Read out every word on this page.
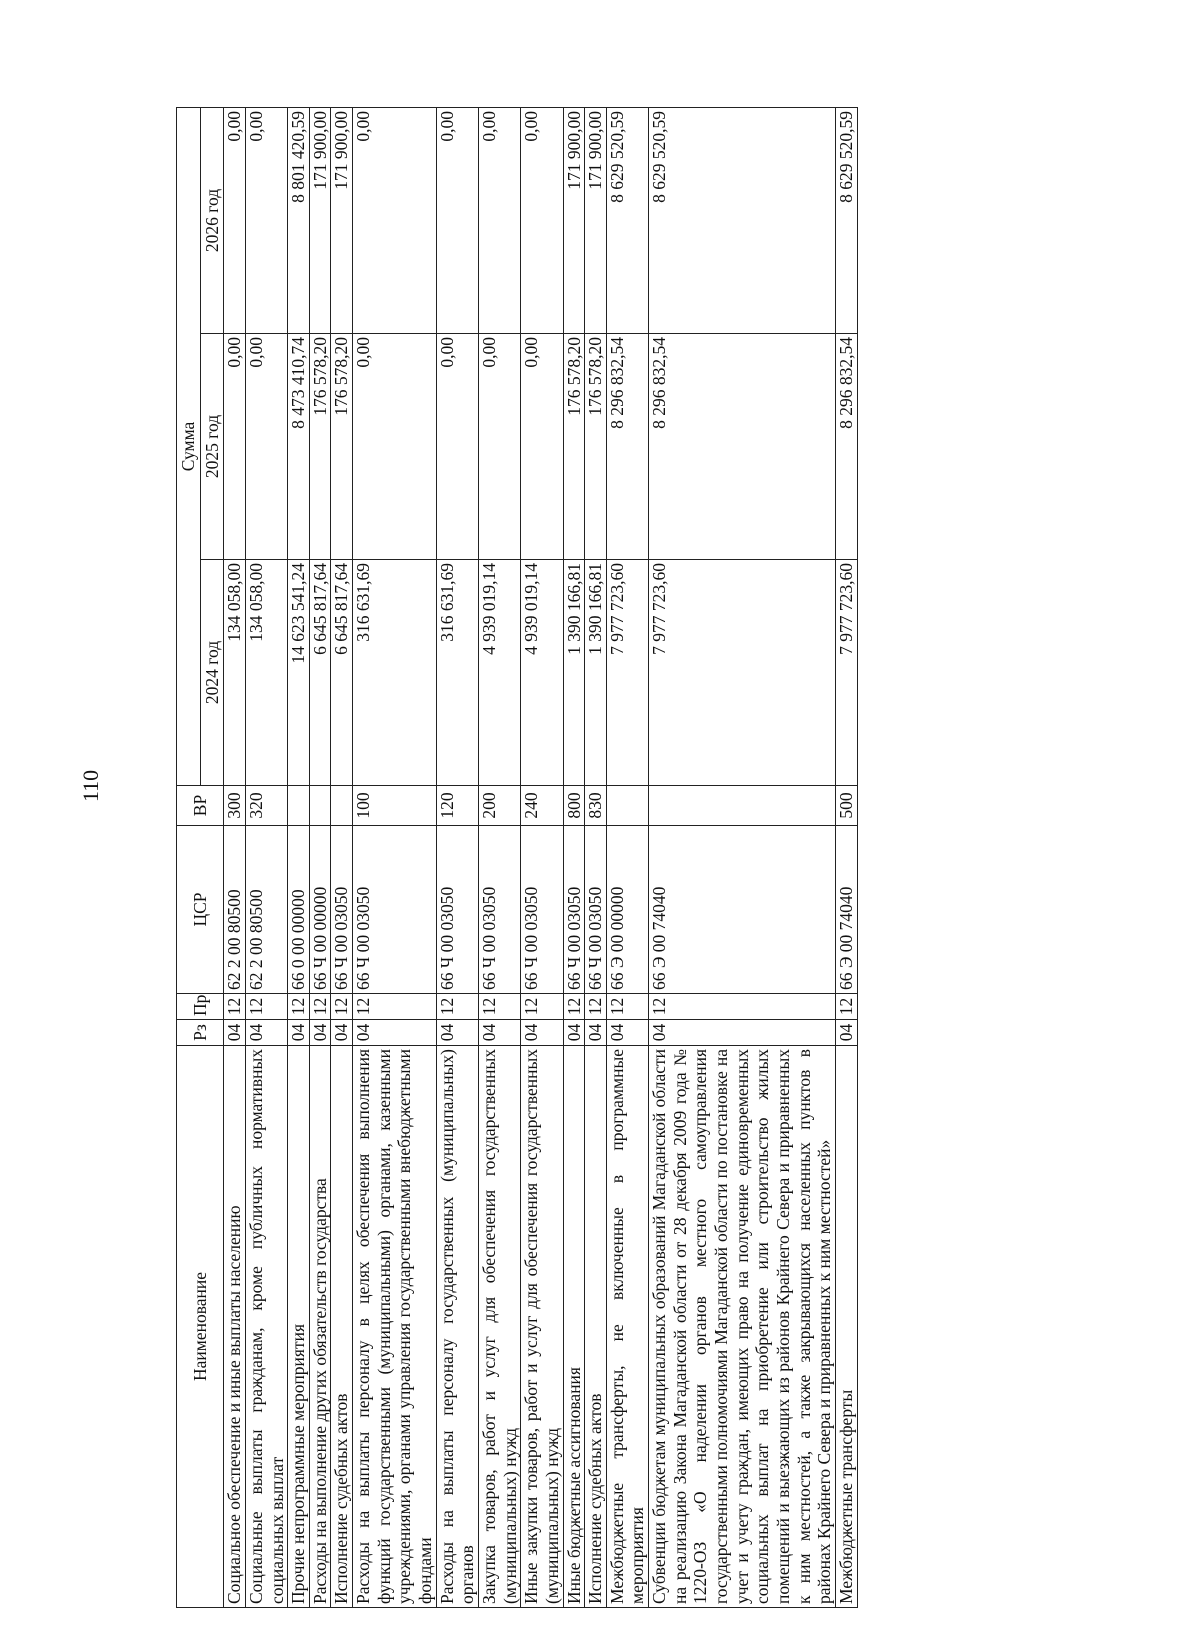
110
Наименование	Рз	Пр	ЦСР	ВР	Сумма		
					2024 год	2025 год	2026 год
Социальное обеспечение и иные выплаты населению	04	12	62 2 00 80500	300	134 058,00	0,00	0,00
Социальные выплаты гражданам, кроме публичных нормативных социальных выплат	04	12	62 2 00 80500	320	134 058,00	0,00	0,00
Прочие непрограммные мероприятия	04	12	66 0 00 00000		14 623 541,24	8 473 410,74	8 801 420,59
Расходы на выполнение других обязательств государства	04	12	66 Ч 00 00000		6 645 817,64	176 578,20	171 900,00
Исполнение судебных актов	04	12	66 Ч 00 03050		6 645 817,64	176 578,20	171 900,00
Расходы на выплаты персоналу в целях обеспечения выполнения функций государственными (муниципальными) органами, казенными учреждениями, органами управления государственными внебюджетными фондами	04	12	66 Ч 00 03050	100	316 631,69	0,00	0,00
Расходы на выплаты персоналу государственных (муниципальных) органов	04	12	66 Ч 00 03050	120	316 631,69	0,00	0,00
Закупка товаров, работ и услуг для обеспечения государственных (муниципальных) нужд	04	12	66 Ч 00 03050	200	4 939 019,14	0,00	0,00
Иные закупки товаров, работ и услуг для обеспечения государственных (муниципальных) нужд	04	12	66 Ч 00 03050	240	4 939 019,14	0,00	0,00
Иные бюджетные ассигнования	04	12	66 Ч 00 03050	800	1 390 166,81	176 578,20	171 900,00
Исполнение судебных актов	04	12	66 Ч 00 03050	830	1 390 166,81	176 578,20	171 900,00
Межбюджетные трансферты, не включенные в программные мероприятия	04	12	66 Э 00 00000		7 977 723,60	8 296 832,54	8 629 520,59
Субвенции бюджетам муниципальных образований Магаданской области на реализацию Закона Магаданской области от 28 декабря 2009 года № 1220-ОЗ «О наделении органов местного самоуправления государственными полномочиями Магаданской области по постановке на учет и учету граждан, имеющих право на получение единовременных социальных выплат на приобретение или строительство жилых помещений и выезжающих из районов Крайнего Севера и приравненных к ним местностей, а также закрывающихся населенных пунктов в районах Крайнего Севера и приравненных к ним местностей»	04	12	66 Э 00 74040		7 977 723,60	8 296 832,54	8 629 520,59
Межбюджетные трансферты	04	12	66 Э 00 74040	500	7 977 723,60	8 296 832,54	8 629 520,59
